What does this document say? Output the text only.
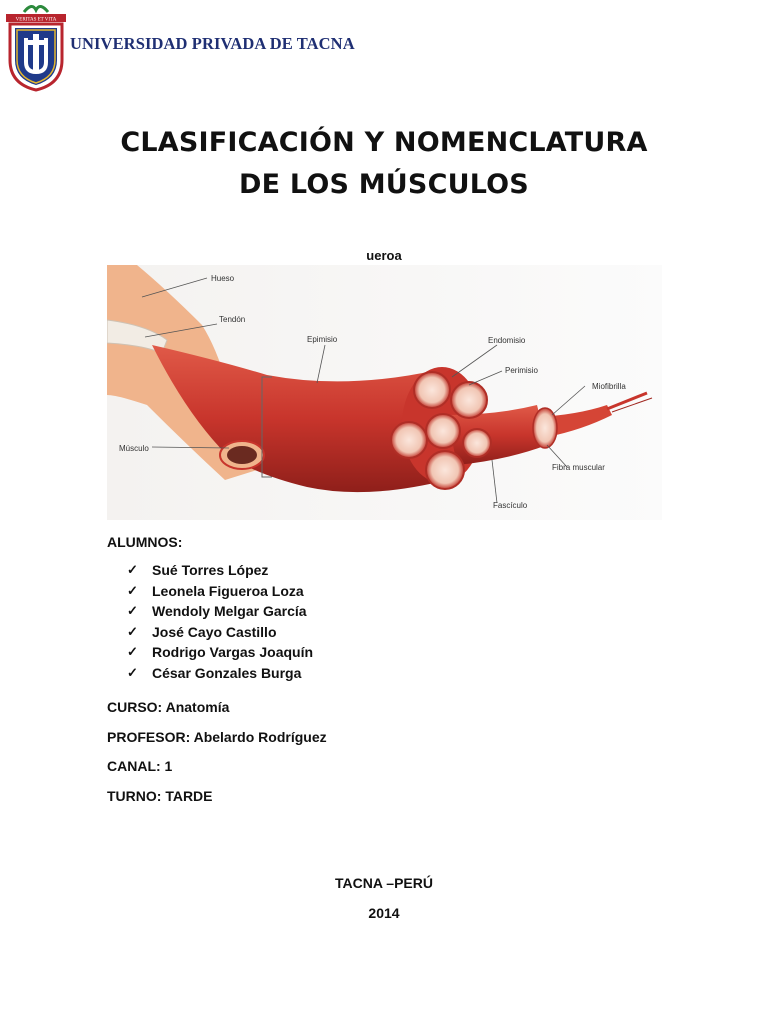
VERITAS ET VITA
UNIVERSIDAD PRIVADA DE TACNA
CLASIFICACIÓN Y NOMENCLATURA
DE LOS MÚSCULOS
ueroa
Hueso
Tendón
Epimisio	Endomisio
Perimisio
Miofibrilla
Músculo
Fibra muscular
Fascículo
ALUMNOS:
✓	Sué Torres López
✓	Leonela Figueroa Loza
✓	Wendoly Melgar García
✓	José Cayo Castillo
✓	Rodrigo Vargas Joaquín
✓	César Gonzales Burga
CURSO: Anatomía
PROFESOR: Abelardo Rodríguez
CANAL: 1
TURNO: TARDE
TACNA –PERÚ
2014
